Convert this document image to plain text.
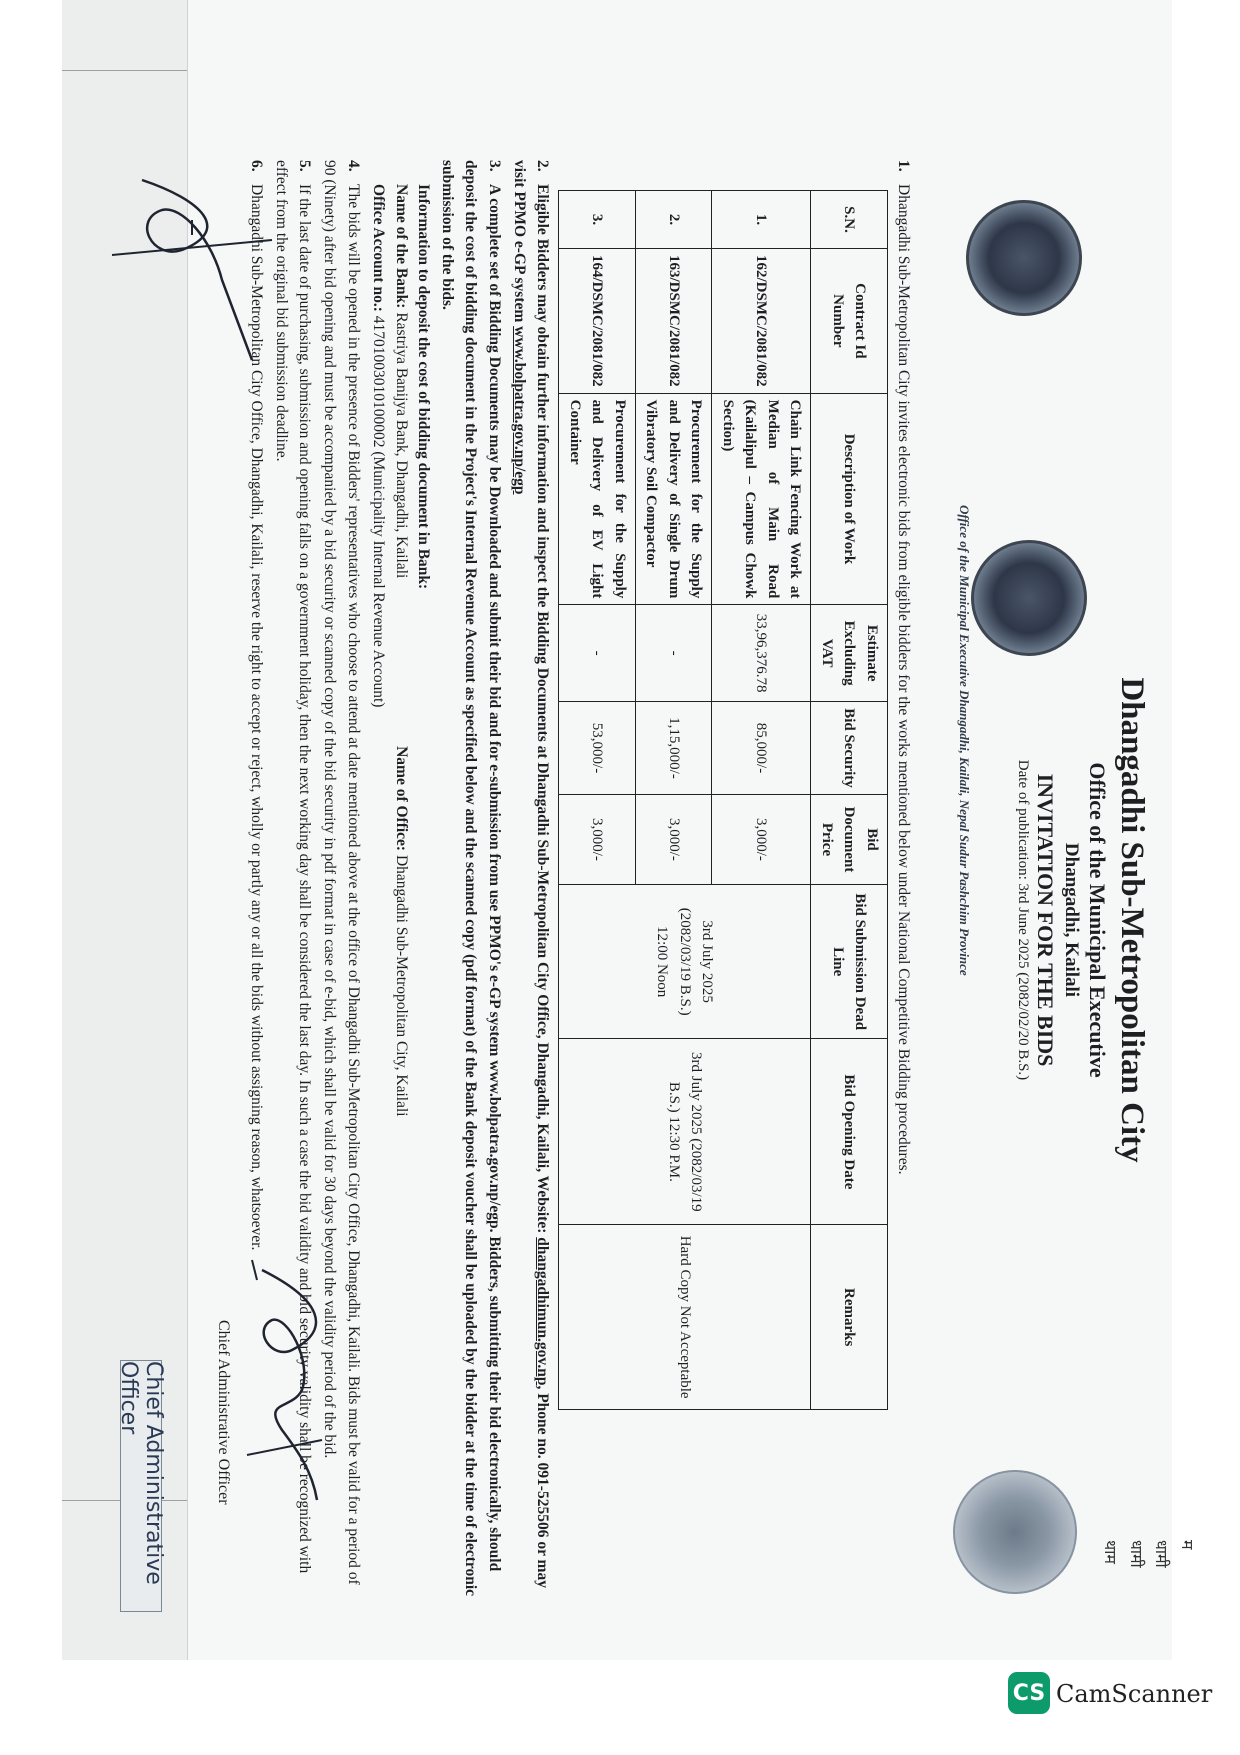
Office of the Municipal Executive Dhangadhi, Kailali, Nepal Sudur Pashchim Province	Dhangadhi Sub-Metropolitan City
Office of the Municipal Executive
Dhangadhi, Kailali
INVITATION FOR THE BIDS
Date of publication: 3rd June 2025 (2082/02/20 B.S.)
म
धामी
धामी
थाम
1.Dhangadhi Sub-Metropolitan City invites electronic bids from eligible bidders for the works mentioned below under National Competitive Bidding procedures.
S.N.	Contract Id Number	Description of Work	Estimate Excluding VAT	Bid Security	Bid Document Price	Bid Submission Dead Line	Bid Opening Date	Remarks
1.	162/DSMC/2081/082	Chain Link Fencing Work at Median of Main Road (Kailalipul – Campus Chowk Section)	33,96,376.78	85,000/-	3,000/-	3rd July 2025 (2082/03/19 B.S.) 12:00 Noon	3rd July 2025 (2082/03/19 B.S.) 12:30 P.M.	Hard Copy Not Acceptable
2.	163/DSMC/2081/082	Procurement for the Supply and Delivery of Single Drum Vibratory Soil Compactor	-	1,15,000/-	3,000/-			
3.	164/DSMC/2081/082	Procurement for the Supply and Delivery of EV Light Container	-	53,000/-	3,000/-			
2.Eligible Bidders may obtain further information and inspect the Bidding Documents at Dhangadhi Sub-Metropolitan City Office, Dhangadhi, Kailali, Website: dhangadhimun.gov.np, Phone no. 091-525506 or may visit PPMO e-GP system www.bolpatra.gov.np/egp
3.A complete set of Bidding Documents may be Downloaded and submit their bid and for e-submission from use PPMO's e-GP system www.bolpatra.gov.np/egp. Bidders, submitting their bid electronically, should deposit the cost of bidding document in the Project's Internal Revenue Account as specified below and the scanned copy (pdf format) of the Bank deposit voucher shall be uploaded by the bidder at the time of electronic submission of the bids.
Information to deposit the cost of bidding document in Bank:
Name of the Bank: Rastriya Banijya Bank, Dhangadhi, Kailali  Name of Office: Dhangadhi Sub-Metropolitan City, Kailali
Office Account no.: 41701003010100002 (Municipality Internal Revenue Account)
4.The bids will be opened in the presence of Bidders' representatives who choose to attend at date mentioned above at the office of Dhangadhi Sub-Metropolitan City Office, Dhangadhi, Kailali. Bids must be valid for a period of 90 (Ninety) after bid opening and must be accompanied by a bid security or scanned copy of the bid security in pdf format in case of e-bid, which shall be valid for 30 days beyond the validity period of the bid.
5.If the last date of purchasing, submission and opening falls on a government holiday, then the next working day shall be considered the last day. In such a case the bid validity and bid security validity shall be recognized with effect from the original bid submission deadline.
6.Dhangadhi Sub-Metropolitan City Office, Dhangadhi, Kailali, reserve the right to accept or reject, wholly or partly any or all the bids without assigning reason, whatsoever.
Chief Administrative Officer
Chief Administrative Officer
CS CamScanner
